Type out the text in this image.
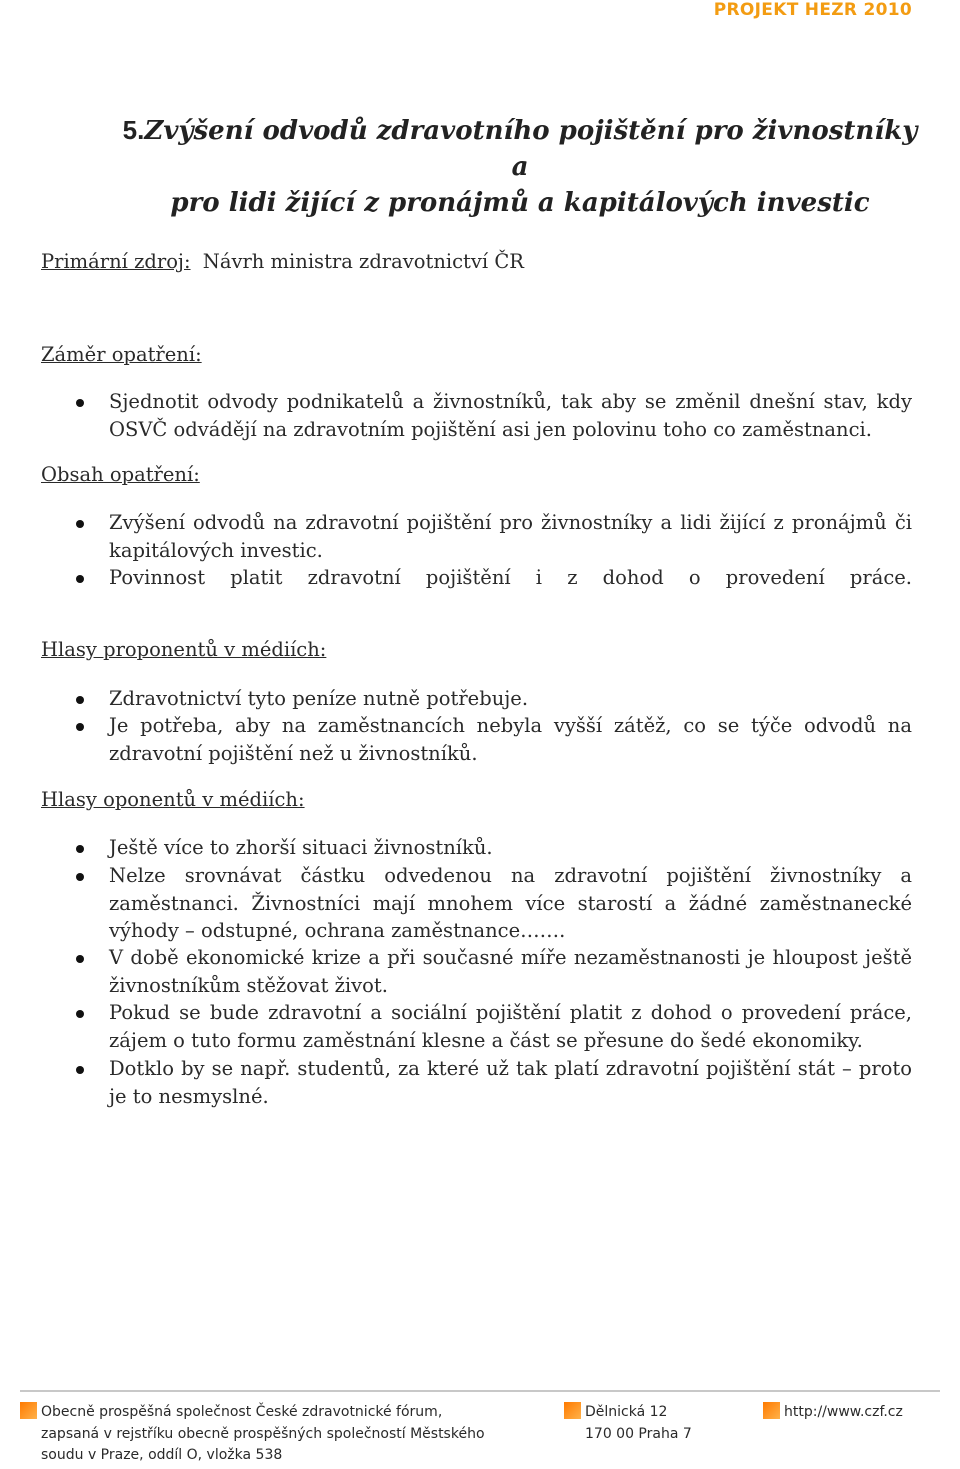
PROJEKT HEZR 2010
5.Zvýšení odvodů zdravotního pojištění pro živnostníky a
pro lidi žijící z pronájmů a kapitálových investic
Primární zdroj: Návrh ministra zdravotnictví ČR
Záměr opatření:
Sjednotit odvody podnikatelů a živnostníků, tak aby se změnil dnešní stav, kdy OSVČ odvádějí na zdravotním pojištění asi jen polovinu toho co zaměstnanci.
Obsah opatření:
Zvýšení odvodů na zdravotní pojištění pro živnostníky a lidi žijící z pronájmů či kapitálových investic.
Povinnost platit zdravotní pojištění i z dohod o provedení práce.
Hlasy proponentů v médiích:
Zdravotnictví tyto peníze nutně potřebuje.
Je potřeba, aby na zaměstnancích nebyla vyšší zátěž, co se týče odvodů na zdravotní pojištění než u živnostníků.
Hlasy oponentů v médiích:
Ještě více to zhorší situaci živnostníků.
Nelze srovnávat částku odvedenou na zdravotní pojištění živnostníky a zaměstnanci. Živnostníci mají mnohem více starostí a žádné zaměstnanecké výhody – odstupné, ochrana zaměstnance…….
V době ekonomické krize a při současné míře nezaměstnanosti je hloupost ještě živnostníkům stěžovat život.
Pokud se bude zdravotní a sociální pojištění platit z dohod o provedení práce, zájem o tuto formu zaměstnání klesne a část se přesune do šedé ekonomiky.
Dotklo by se např. studentů, za které už tak platí zdravotní pojištění stát – proto je to nesmyslné.
Obecně prospěšná společnost České zdravotnické fórum,
zapsaná v rejstříku obecně prospěšných společností Městského
soudu v Praze, oddíl O, vložka 538
Dělnická 12
170 00 Praha 7
http://www.czf.cz
